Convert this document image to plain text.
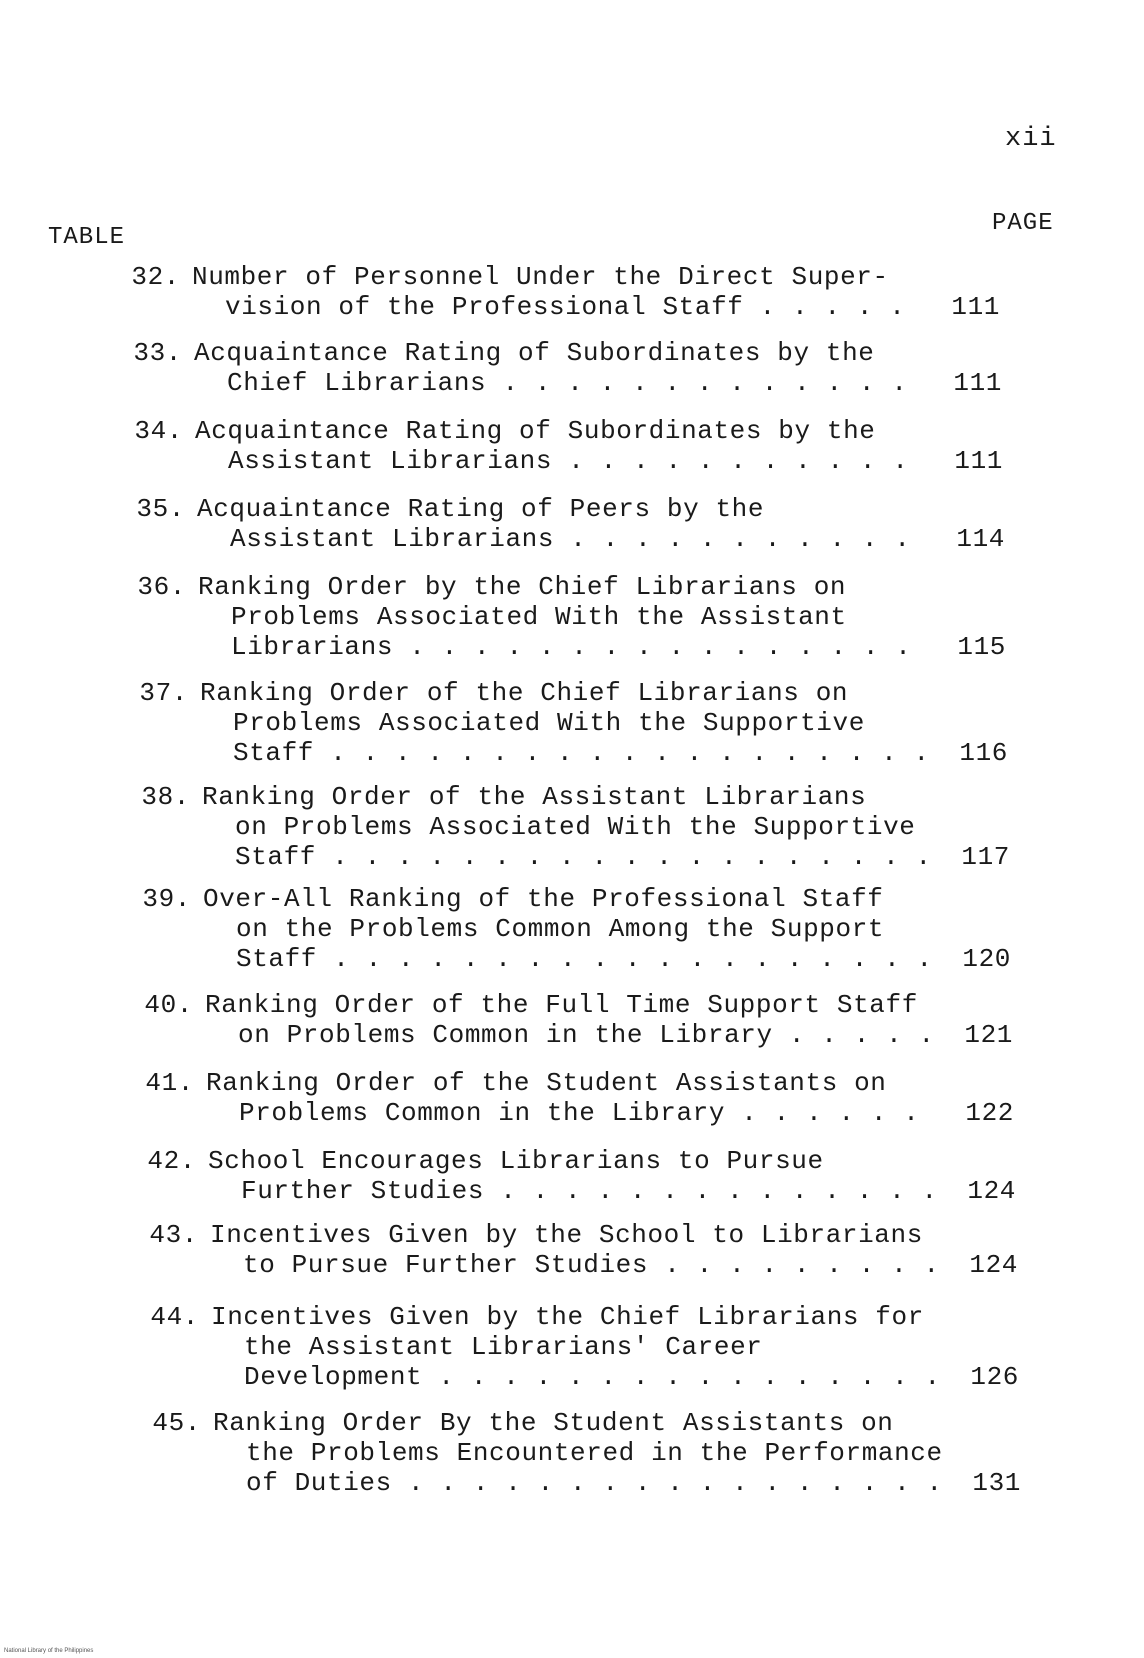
xii
TABLE
PAGE
32. Number of Personnel Under the Direct Super-
vision of the Professional Staff . . . . .	111
33. Acquaintance Rating of Subordinates by the
Chief Librarians . . . . . . . . . . . . .	111
34. Acquaintance Rating of Subordinates by the
Assistant Librarians . . . . . . . . . . .	111
35. Acquaintance Rating of Peers by the
Assistant Librarians . . . . . . . . . . .	114
36. Ranking Order by the Chief Librarians on
Problems Associated With the Assistant
Librarians . . . . . . . . . . . . . . . .	115
37. Ranking Order of the Chief Librarians on
Problems Associated With the Supportive
Staff . . . . . . . . . . . . . . . . . . .	116
38. Ranking Order of the Assistant Librarians
on Problems Associated With the Supportive
Staff . . . . . . . . . . . . . . . . . . .	117
39. Over-All Ranking of the Professional Staff
on the Problems Common Among the Support
Staff . . . . . . . . . . . . . . . . . . .	120
40. Ranking Order of the Full Time Support Staff
on Problems Common in the Library . . . . .	121
41. Ranking Order of the Student Assistants on
Problems Common in the Library . . . . . .	122
42. School Encourages Librarians to Pursue
Further Studies . . . . . . . . . . . . . .	124
43. Incentives Given by the School to Librarians
to Pursue Further Studies . . . . . . . . .	124
44. Incentives Given by the Chief Librarians for
the Assistant Librarians' Career
Development . . . . . . . . . . . . . . . .	126
45. Ranking Order By the Student Assistants on
the Problems Encountered in the Performance
of Duties . . . . . . . . . . . . . . . . .	131
National Library of the Philippines
